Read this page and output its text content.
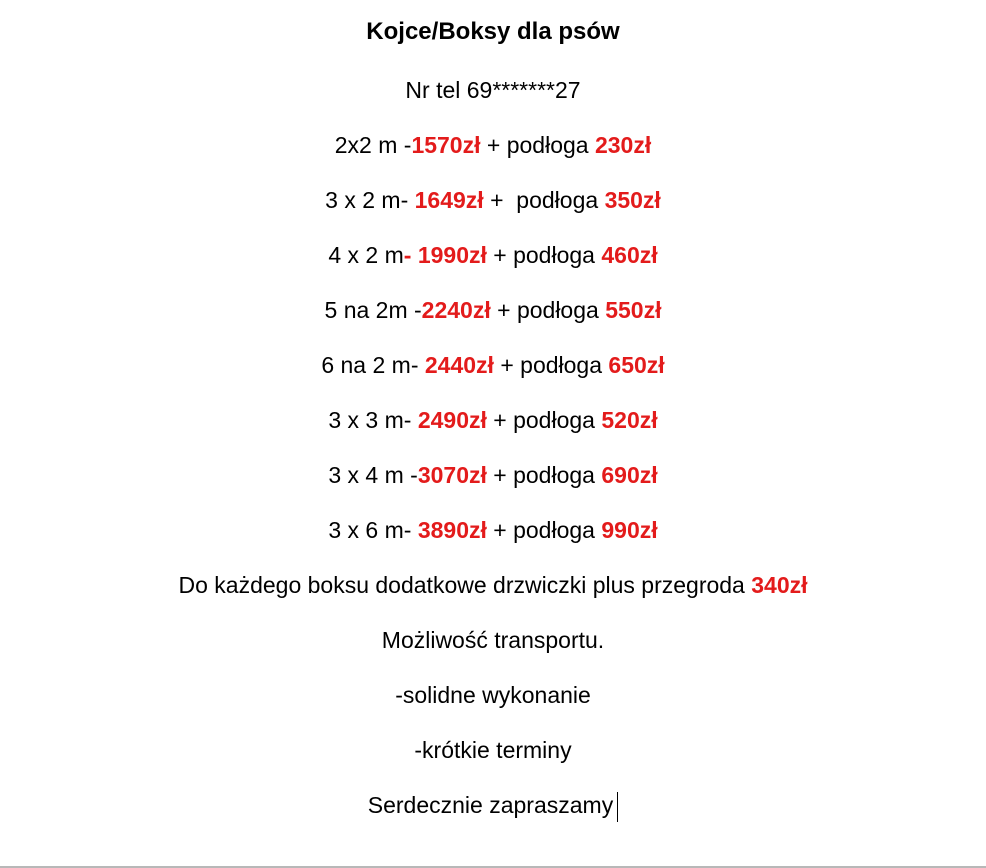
Kojce/Boksy dla psów
Nr tel 69*******27
2x2 m -1570zł + podłoga 230zł
3 x 2 m- 1649zł +  podłoga 350zł
4 x 2 m- 1990zł + podłoga 460zł
5 na 2m -2240zł + podłoga 550zł
6 na 2 m- 2440zł + podłoga 650zł
3 x 3 m- 2490zł + podłoga 520zł
3 x 4 m -3070zł + podłoga 690zł
3 x 6 m- 3890zł + podłoga 990zł
Do każdego boksu dodatkowe drzwiczki plus przegroda 340zł
Możliwość transportu.
-solidne wykonanie
-krótkie terminy
Serdecznie zapraszamy
